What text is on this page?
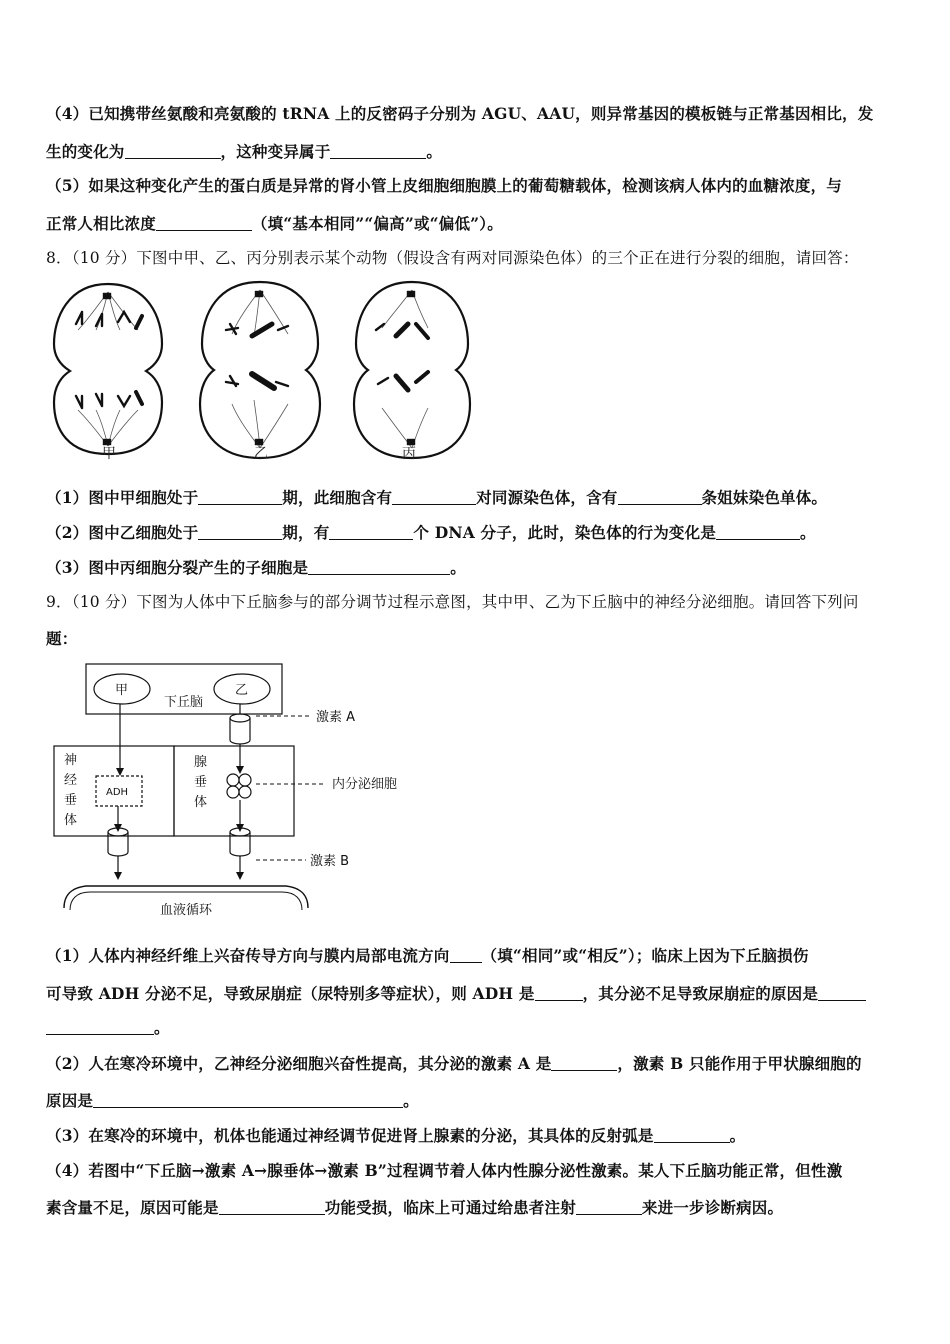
（4）已知携带丝氨酸和亮氨酸的 tRNA 上的反密码子分别为 AGU、AAU，则异常基因的模板链与正常基因相比，发
生的变化为	，这种变异属于	。
（5）如果这种变化产生的蛋白质是异常的肾小管上皮细胞细胞膜上的葡萄糖载体，检测该病人体内的血糖浓度，与
正常人相比浓度	（填“基本相同”“偏高”或“偏低”）。
8．（10 分）下图中甲、乙、丙分别表示某个动物（假设含有两对同源染色体）的三个正在进行分裂的细胞，请回答：
甲	乙	丙
（1）图中甲细胞处于	期，此细胞含有	对同源染色体，含有	条姐妹染色单体。
（2）图中乙细胞处于	期，有	个 DNA 分子，此时，染色体的行为变化是	。
（3）图中丙细胞分裂产生的子细胞是	。
9．（10 分）下图为人体中下丘脑参与的部分调节过程示意图，其中甲、乙为下丘脑中的神经分泌细胞。请回答下列问
题：
甲	乙
下丘脑
激素 A
神
经
垂
体
ADH
腺
垂
体
内分泌细胞
激素 B
血液循环
（1）人体内神经纤维上兴奋传导方向与膜内局部电流方向 （填“相同”或“相反”）；临床上因为下丘脑损伤
可导致 ADH 分泌不足，导致尿崩症（尿特别多等症状），则 ADH 是	，其分泌不足导致尿崩症的原因是
。
（2）人在寒冷环境中，乙神经分泌细胞兴奋性提高，其分泌的激素 A 是	，激素 B 只能作用于甲状腺细胞的
原因是	。
（3）在寒冷的环境中，机体也能通过神经调节促进肾上腺素的分泌，其具体的反射弧是	。
（4）若图中“下丘脑→激素 A→腺垂体→激素 B”过程调节着人体内性腺分泌性激素。某人下丘脑功能正常，但性激
素含量不足，原因可能是	功能受损，临床上可通过给患者注射	来进一步诊断病因。
